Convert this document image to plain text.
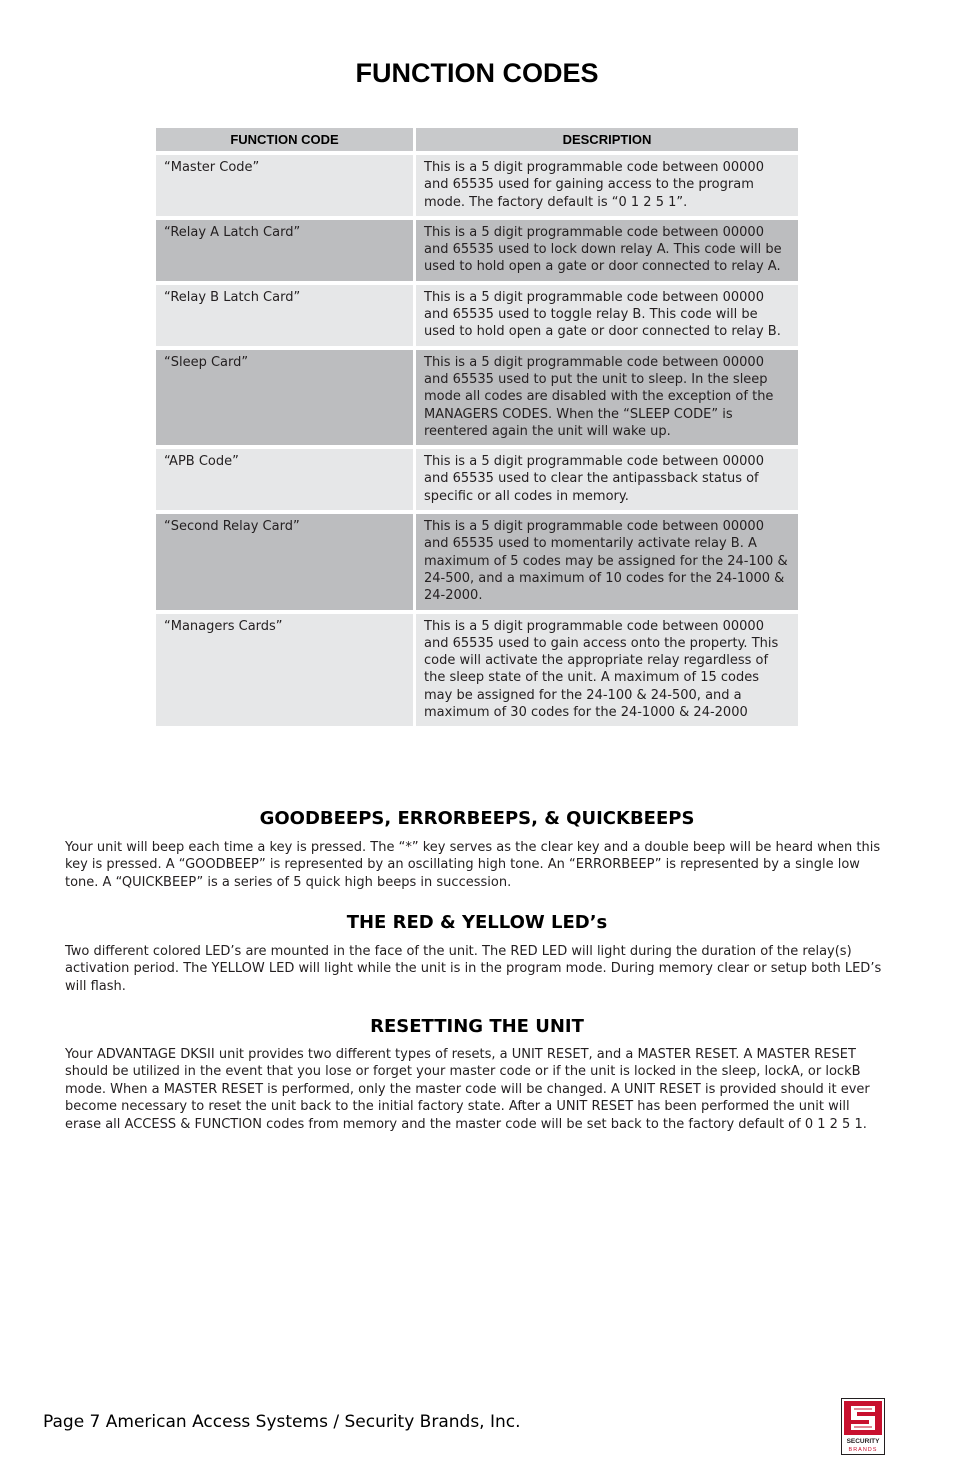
FUNCTION CODES
FUNCTION CODE	DESCRIPTION
“Master Code”	This is a 5 digit programmable code between 00000 and 65535 used for gaining access to the program mode. The factory default is “0 1 2 5 1”.
“Relay A Latch Card”	This is a 5 digit programmable code between 00000 and 65535 used to lock down relay A. This code will be used to hold open a gate or door connected to relay A.
“Relay B Latch Card”	This is a 5 digit programmable code between 00000 and 65535 used to toggle relay B. This code will be used to hold open a gate or door connected to relay B.
“Sleep Card”	This is a 5 digit programmable code between 00000 and 65535 used to put the unit to sleep. In the sleep mode all codes are disabled with the exception of the MANAGERS CODES. When the “SLEEP CODE” is reentered again the unit will wake up.
“APB Code”	This is a 5 digit programmable code between 00000 and 65535 used to clear the antipassback status of specific or all codes in memory.
“Second Relay Card”	This is a 5 digit programmable code between 00000 and 65535 used to momentarily activate relay B. A maximum of 5 codes may be assigned for the 24-100 & 24-500, and a maximum of 10 codes for the 24-1000 & 24-2000.
“Managers Cards”	This is a 5 digit programmable code between 00000 and 65535 used to gain access onto the property. This code will activate the appropriate relay regardless of the sleep state of the unit. A maximum of 15 codes may be assigned for the 24-100 & 24-500, and a maximum of 30 codes for the 24-1000 & 24-2000
GOODBEEPS, ERRORBEEPS, & QUICKBEEPS

Your unit will beep each time a key is pressed. The “*” key serves as the clear key and a double beep will be heard when this key is pressed. A “GOODBEEP” is represented by an oscillating high tone. An “ERRORBEEP” is represented by a single low tone. A “QUICKBEEP” is a series of 5 quick high beeps in succession.

THE RED & YELLOW LED’s

Two different colored LED’s are mounted in the face of the unit. The RED LED will light during the duration of the relay(s) activation period. The YELLOW LED will light while the unit is in the program mode. During memory clear or setup both LED’s will flash.

RESETTING THE UNIT

Your ADVANTAGE DKSII unit provides two different types of resets, a UNIT RESET, and a MASTER RESET. A MASTER RESET should be utilized in the event that you lose or forget your master code or if the unit is locked in the sleep, lockA, or lockB mode. When a MASTER RESET is performed, only the master code will be changed. A UNIT RESET is provided should it ever become necessary to reset the unit back to the initial factory state. After a UNIT RESET has been performed the unit will erase all ACCESS & FUNCTION codes from memory and the master code will be set back to the factory default of 0 1 2 5 1.

Page 7 American Access Systems / Security Brands, Inc.
SECURITY
BRANDS
